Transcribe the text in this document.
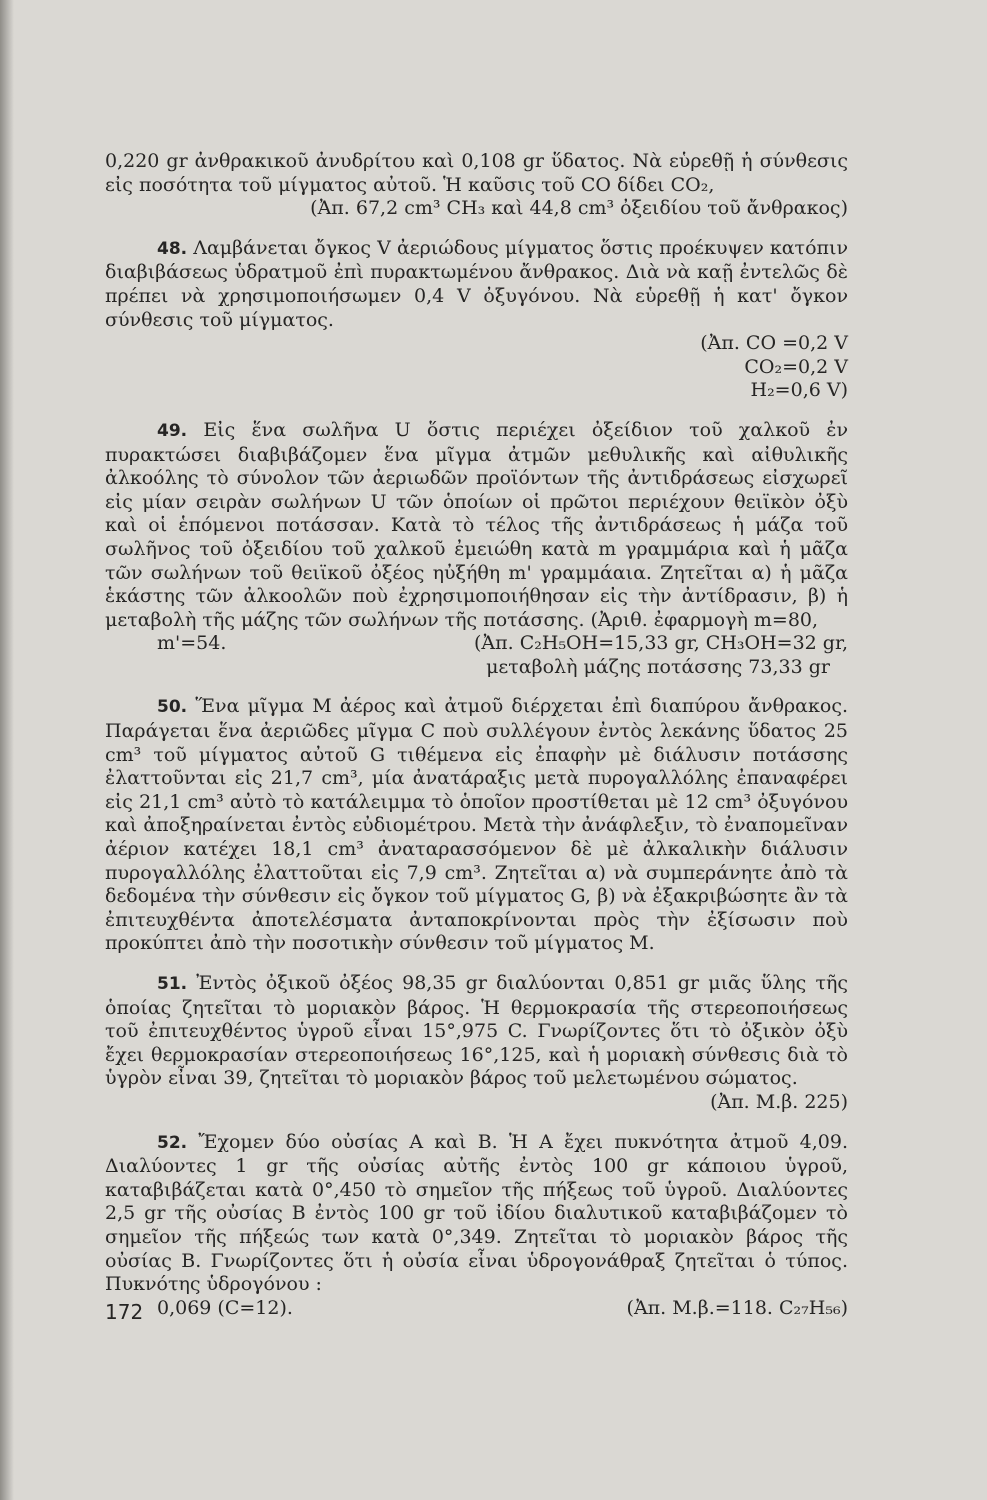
0,220 gr ἀνθρακικοῦ ἀνυδρίτου καὶ 0,108 gr ὕδατος. Νὰ εὑρεθῇ ἡ σύνθεσις εἰς ποσότητα τοῦ μίγματος αὐτοῦ. Ἡ καῦσις τοῦ CO δίδει CO₂,
(Ἀπ. 67,2 cm³ CH₃ καὶ 44,8 cm³ ὀξειδίου τοῦ ἄνθρακος)

48. Λαμβάνεται ὄγκος V ἀεριώδους μίγματος ὅστις προέκυψεν κατόπιν διαβιβάσεως ὑδρατμοῦ ἐπὶ πυρακτωμένου ἄνθρακος. Διὰ νὰ καῇ ἐντελῶς δὲ πρέπει νὰ χρησιμοποιήσωμεν 0,4 V ὀξυγόνου. Νὰ εὑρεθῇ ἡ κατ' ὄγκον σύνθεσις τοῦ μίγματος.
(Ἀπ. CO =0,2 V
CO₂=0,2 V
H₂=0,6 V)

49. Εἰς ἕνα σωλῆνα U ὅστις περιέχει ὀξείδιον τοῦ χαλκοῦ ἐν πυρακτώσει διαβιβάζομεν ἕνα μῖγμα ἀτμῶν μεθυλικῆς καὶ αἰθυλικῆς ἀλκοόλης τὸ σύνολον τῶν ἀεριωδῶν προϊόντων τῆς ἀντιδράσεως εἰσχωρεῖ εἰς μίαν σειρὰν σωλήνων U τῶν ὁποίων οἱ πρῶτοι περιέχουν θειϊκὸν ὀξὺ καὶ οἱ ἑπόμενοι ποτάσσαν. Κατὰ τὸ τέλος τῆς ἀντιδράσεως ἡ μάζα τοῦ σωλῆνος τοῦ ὀξειδίου τοῦ χαλκοῦ ἐμειώθη κατὰ m γραμμάρια καὶ ἡ μᾶζα τῶν σωλήνων τοῦ θειϊκοῦ ὀξέος ηὐξήθη m' γραμμάαια. Ζητεῖται α) ἡ μᾶζα ἑκάστης τῶν ἀλκοολῶν ποὺ ἐχρησιμοποιήθησαν εἰς τὴν ἀντίδρασιν, β) ἡ μεταβολὴ τῆς μάζης τῶν σωλήνων τῆς ποτάσσης. (Ἀριθ. ἐφαρμογὴ m=80,
m'=54.	(Ἀπ. C₂H₅OH=15,33 gr, CH₃OH=32 gr,
μεταβολὴ μάζης ποτάσσης 73,33 gr

50. Ἕνα μῖγμα M ἀέρος καὶ ἀτμοῦ διέρχεται ἐπὶ διαπύρου ἄνθρακος. Παράγεται ἕνα ἀεριῶδες μῖγμα C ποὺ συλλέγουν ἐντὸς λεκάνης ὕδατος 25 cm³ τοῦ μίγματος αὐτοῦ G τιθέμενα εἰς ἐπαφὴν μὲ διάλυσιν ποτάσσης ἐλαττοῦνται εἰς 21,7 cm³, μία ἀνατάραξις μετὰ πυρογαλλόλης ἐπαναφέρει εἰς 21,1 cm³ αὐτὸ τὸ κατάλειμμα τὸ ὁποῖον προστίθεται μὲ 12 cm³ ὀξυγόνου καὶ ἀποξηραίνεται ἐντὸς εὐδιομέτρου. Μετὰ τὴν ἀνάφλεξιν, τὸ ἐναπομεῖναν ἀέριον κατέχει 18,1 cm³ ἀναταρασσόμενον δὲ μὲ ἀλκαλικὴν διάλυσιν πυρογαλλόλης ἐλαττοῦται εἰς 7,9 cm³. Ζητεῖται α) νὰ συμπεράνητε ἀπὸ τὰ δεδομένα τὴν σύνθεσιν εἰς ὄγκον τοῦ μίγματος G, β) νὰ ἐξακριβώσητε ἂν τὰ ἐπιτευχθέντα ἀποτελέσματα ἀνταποκρίνονται πρὸς τὴν ἐξίσωσιν ποὺ προκύπτει ἀπὸ τὴν ποσοτικὴν σύνθεσιν τοῦ μίγματος M.

51. Ἐντὸς ὀξικοῦ ὀξέος 98,35 gr διαλύονται 0,851 gr μιᾶς ὕλης τῆς ὁποίας ζητεῖται τὸ μοριακὸν βάρος. Ἡ θερμοκρασία τῆς στερεοποιήσεως τοῦ ἐπιτευχθέντος ὑγροῦ εἶναι 15°,975 C. Γνωρίζοντες ὅτι τὸ ὀξικὸν ὀξὺ ἔχει θερμοκρασίαν στερεοποιήσεως 16°,125, καὶ ἡ μοριακὴ σύνθεσις διὰ τὸ ὑγρὸν εἶναι 39, ζητεῖται τὸ μοριακὸν βάρος τοῦ μελετωμένου σώματος.
(Ἀπ. Μ.β. 225)

52. Ἔχομεν δύο οὐσίας A καὶ B. Ἡ A ἔχει πυκνότητα ἀτμοῦ 4,09. Διαλύοντες 1 gr τῆς οὐσίας αὐτῆς ἐντὸς 100 gr κάποιου ὑγροῦ, καταβιβάζεται κατὰ 0°,450 τὸ σημεῖον τῆς πήξεως τοῦ ὑγροῦ. Διαλύοντες 2,5 gr τῆς οὐσίας B ἐντὸς 100 gr τοῦ ἰδίου διαλυτικοῦ καταβιβάζομεν τὸ σημεῖον τῆς πήξεώς των κατὰ 0°,349. Ζητεῖται τὸ μοριακὸν βάρος τῆς οὐσίας B. Γνωρίζοντες ὅτι ἡ οὐσία εἶναι ὑδρογονάθραξ ζητεῖται ὁ τύπος. Πυκνότης ὑδρογόνου :
0,069 (C=12).	(Ἀπ. Μ.β.=118. C₂₇H₅₆)

172
